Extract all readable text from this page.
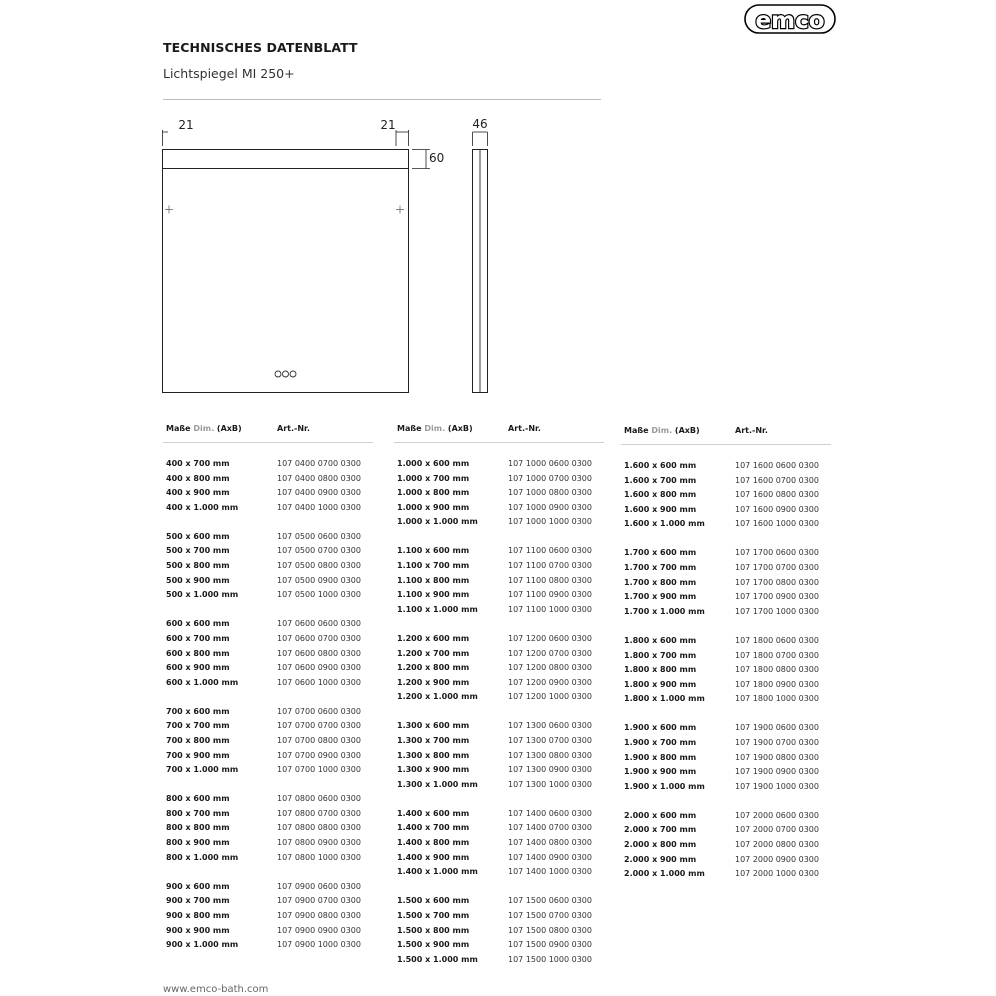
emco
TECHNISCHES DATENBLATT
Lichtspiegel MI 250+
21	21
60
46
Maße Dim. (AxB)	Art.-Nr.
400 x 700 mm	107 0400 0700 0300
400 x 800 mm	107 0400 0800 0300
400 x 900 mm	107 0400 0900 0300
400 x 1.000 mm	107 0400 1000 0300
500 x 600 mm	107 0500 0600 0300
500 x 700 mm	107 0500 0700 0300
500 x 800 mm	107 0500 0800 0300
500 x 900 mm	107 0500 0900 0300
500 x 1.000 mm	107 0500 1000 0300
600 x 600 mm	107 0600 0600 0300
600 x 700 mm	107 0600 0700 0300
600 x 800 mm	107 0600 0800 0300
600 x 900 mm	107 0600 0900 0300
600 x 1.000 mm	107 0600 1000 0300
700 x 600 mm	107 0700 0600 0300
700 x 700 mm	107 0700 0700 0300
700 x 800 mm	107 0700 0800 0300
700 x 900 mm	107 0700 0900 0300
700 x 1.000 mm	107 0700 1000 0300
800 x 600 mm	107 0800 0600 0300
800 x 700 mm	107 0800 0700 0300
800 x 800 mm	107 0800 0800 0300
800 x 900 mm	107 0800 0900 0300
800 x 1.000 mm	107 0800 1000 0300
900 x 600 mm	107 0900 0600 0300
900 x 700 mm	107 0900 0700 0300
900 x 800 mm	107 0900 0800 0300
900 x 900 mm	107 0900 0900 0300
900 x 1.000 mm	107 0900 1000 0300
Maße Dim. (AxB)	Art.-Nr.
1.000 x 600 mm	107 1000 0600 0300
1.000 x 700 mm	107 1000 0700 0300
1.000 x 800 mm	107 1000 0800 0300
1.000 x 900 mm	107 1000 0900 0300
1.000 x 1.000 mm	107 1000 1000 0300
1.100 x 600 mm	107 1100 0600 0300
1.100 x 700 mm	107 1100 0700 0300
1.100 x 800 mm	107 1100 0800 0300
1.100 x 900 mm	107 1100 0900 0300
1.100 x 1.000 mm	107 1100 1000 0300
1.200 x 600 mm	107 1200 0600 0300
1.200 x 700 mm	107 1200 0700 0300
1.200 x 800 mm	107 1200 0800 0300
1.200 x 900 mm	107 1200 0900 0300
1.200 x 1.000 mm	107 1200 1000 0300
1.300 x 600 mm	107 1300 0600 0300
1.300 x 700 mm	107 1300 0700 0300
1.300 x 800 mm	107 1300 0800 0300
1.300 x 900 mm	107 1300 0900 0300
1.300 x 1.000 mm	107 1300 1000 0300
1.400 x 600 mm	107 1400 0600 0300
1.400 x 700 mm	107 1400 0700 0300
1.400 x 800 mm	107 1400 0800 0300
1.400 x 900 mm	107 1400 0900 0300
1.400 x 1.000 mm	107 1400 1000 0300
1.500 x 600 mm	107 1500 0600 0300
1.500 x 700 mm	107 1500 0700 0300
1.500 x 800 mm	107 1500 0800 0300
1.500 x 900 mm	107 1500 0900 0300
1.500 x 1.000 mm	107 1500 1000 0300
Maße Dim. (AxB)	Art.-Nr.
1.600 x 600 mm	107 1600 0600 0300
1.600 x 700 mm	107 1600 0700 0300
1.600 x 800 mm	107 1600 0800 0300
1.600 x 900 mm	107 1600 0900 0300
1.600 x 1.000 mm	107 1600 1000 0300
1.700 x 600 mm	107 1700 0600 0300
1.700 x 700 mm	107 1700 0700 0300
1.700 x 800 mm	107 1700 0800 0300
1.700 x 900 mm	107 1700 0900 0300
1.700 x 1.000 mm	107 1700 1000 0300
1.800 x 600 mm	107 1800 0600 0300
1.800 x 700 mm	107 1800 0700 0300
1.800 x 800 mm	107 1800 0800 0300
1.800 x 900 mm	107 1800 0900 0300
1.800 x 1.000 mm	107 1800 1000 0300
1.900 x 600 mm	107 1900 0600 0300
1.900 x 700 mm	107 1900 0700 0300
1.900 x 800 mm	107 1900 0800 0300
1.900 x 900 mm	107 1900 0900 0300
1.900 x 1.000 mm	107 1900 1000 0300
2.000 x 600 mm	107 2000 0600 0300
2.000 x 700 mm	107 2000 0700 0300
2.000 x 800 mm	107 2000 0800 0300
2.000 x 900 mm	107 2000 0900 0300
2.000 x 1.000 mm	107 2000 1000 0300
www.emco-bath.com
